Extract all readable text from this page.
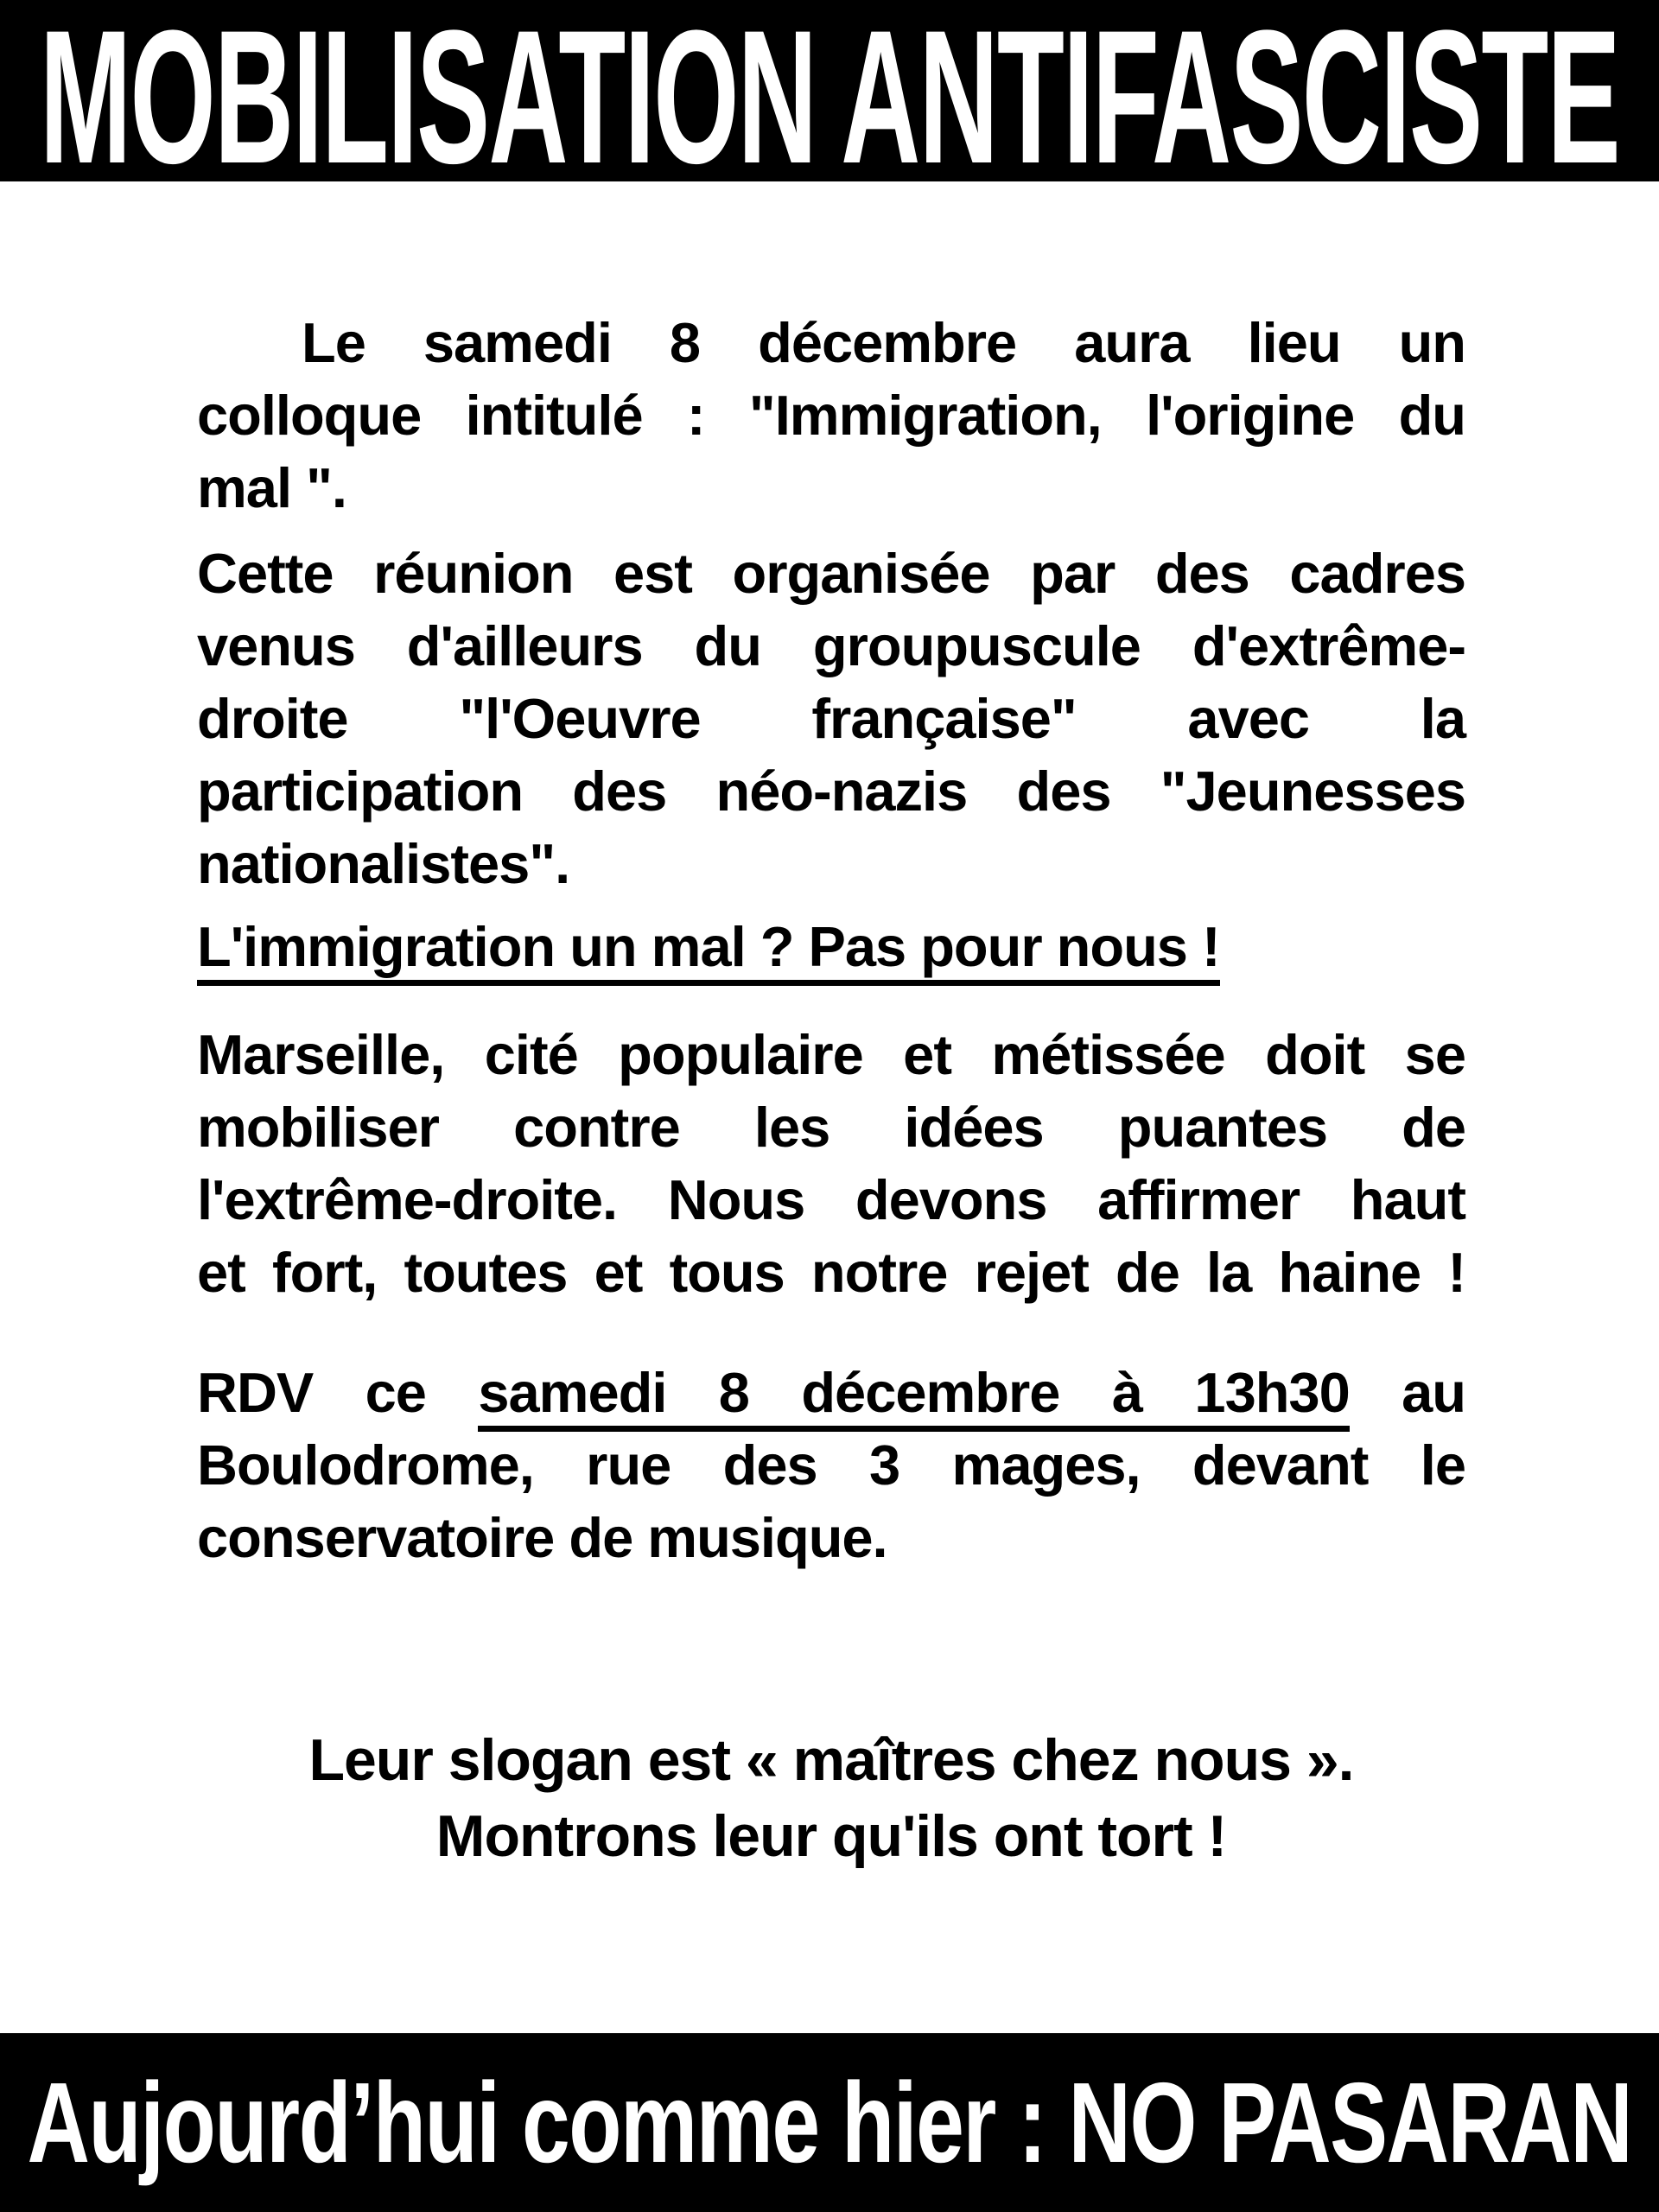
MOBILISATION ANTIFASCISTE
Le samedi 8 décembre aura lieu un
colloque intitulé : "Immigration, l'origine du
mal ".
Cette réunion est organisée par des cadres
venus d'ailleurs du groupuscule d'extrême-
droite "l'Oeuvre française" avec la
participation des néo-nazis des "Jeunesses
nationalistes".
L'immigration un mal ? Pas pour nous !
Marseille, cité populaire et métissée doit se
mobiliser contre les idées puantes de
l'extrême-droite. Nous devons affirmer haut
et fort, toutes et tous notre rejet de la haine !
RDV ce samedi 8 décembre à 13h30 au
Boulodrome, rue des 3 mages, devant le
conservatoire de musique.
Leur slogan est « maîtres chez nous ».
Montrons leur qu'ils ont tort !
Aujourd’hui comme hier : NO PASARAN
